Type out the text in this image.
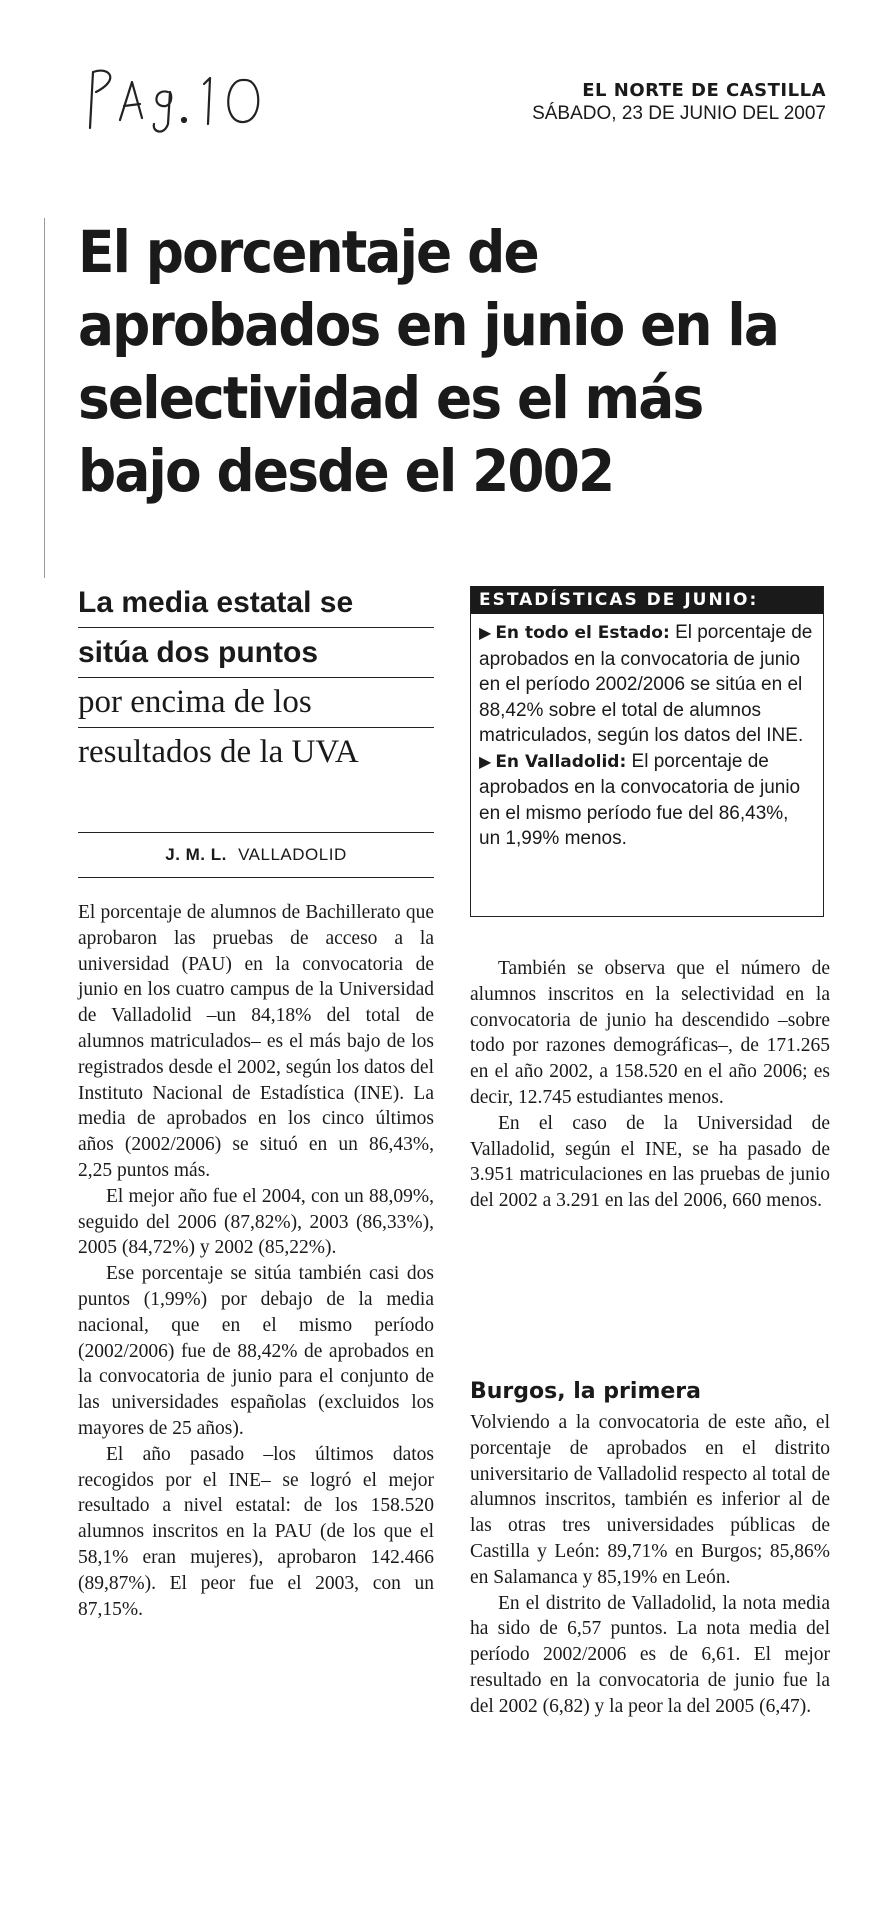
EL NORTE DE CASTILLA
SÁBADO, 23 DE JUNIO DEL 2007
El porcentaje de aprobados en junio en la selectividad es el más bajo desde el 2002
La media estatal se
sitúa dos puntos
por encima de los
resultados de la UVA
J. M. L. VALLADOLID

El porcentaje de alumnos de Bachillerato que aprobaron las pruebas de acceso a la universidad (PAU) en la convocatoria de junio en los cuatro campus de la Universidad de Valladolid –un 84,18% del total de alumnos matriculados– es el más bajo de los registrados desde el 2002, según los datos del Instituto Nacional de Estadística (INE). La media de aprobados en los cinco últimos años (2002/2006) se situó en un 86,43%, 2,25 puntos más.

El mejor año fue el 2004, con un 88,09%, seguido del 2006 (87,82%), 2003 (86,33%), 2005 (84,72%) y 2002 (85,22%).

Ese porcentaje se sitúa también casi dos puntos (1,99%) por debajo de la media nacional, que en el mismo período (2002/2006) fue de 88,42% de aprobados en la convocatoria de junio para el conjunto de las universidades españolas (excluidos los mayores de 25 años).

El año pasado –los últimos datos recogidos por el INE– se logró el mejor resultado a nivel estatal: de los 158.520 alumnos inscritos en la PAU (de los que el 58,1% eran mujeres), aprobaron 142.466 (89,87%). El peor fue el 2003, con un 87,15%.

ESTADÍSTICAS DE JUNIO:

▶ En todo el Estado: El porcentaje de aprobados en la convocatoria de junio en el período 2002/2006 se sitúa en el 88,42% sobre el total de alumnos matriculados, según los datos del INE.

▶ En Valladolid: El porcentaje de aprobados en la convocatoria de junio en el mismo período fue del 86,43%, un 1,99% menos.

También se observa que el número de alumnos inscritos en la selectividad en la convocatoria de junio ha descendido –sobre todo por razones demográficas–, de 171.265 en el año 2002, a 158.520 en el año 2006; es decir, 12.745 estudiantes menos.

En el caso de la Universidad de Valladolid, según el INE, se ha pasado de 3.951 matriculaciones en las pruebas de junio del 2002 a 3.291 en las del 2006, 660 menos.

Burgos, la primera

Volviendo a la convocatoria de este año, el porcentaje de aprobados en el distrito universitario de Valladolid respecto al total de alumnos inscritos, también es inferior al de las otras tres universidades públicas de Castilla y León: 89,71% en Burgos; 85,86% en Salamanca y 85,19% en León.

En el distrito de Valladolid, la nota media ha sido de 6,57 puntos. La nota media del período 2002/2006 es de 6,61. El mejor resultado en la convocatoria de junio fue la del 2002 (6,82) y la peor la del 2005 (6,47).
